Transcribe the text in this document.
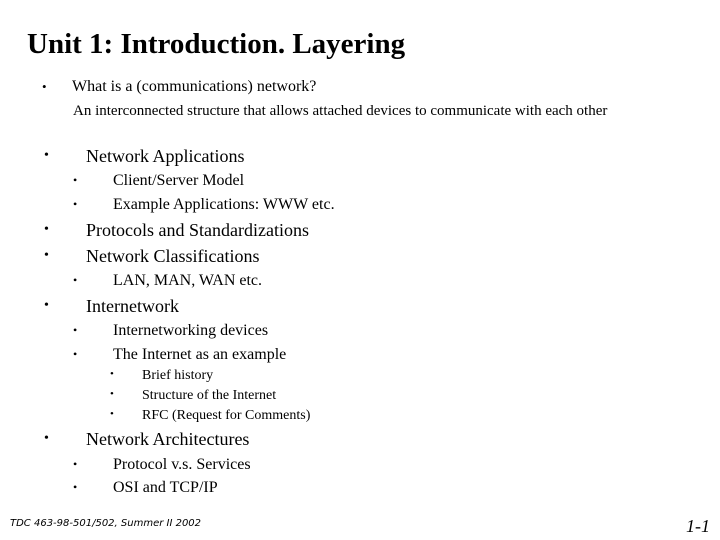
Unit 1: Introduction. Layering
• What is a (communications) network?
An interconnected structure that allows attached devices to communicate with each other
• Network Applications
• Client/Server Model
• Example Applications: WWW etc.
• Protocols and Standardizations
• Network Classifications
• LAN, MAN, WAN etc.
• Internetwork
• Internetworking devices
• The Internet as an example
• Brief history
• Structure of the Internet
• RFC (Request for Comments)
• Network Architectures
• Protocol v.s. Services
• OSI and TCP/IP
TDC 463-98-501/502, Summer II 2002	1-1
